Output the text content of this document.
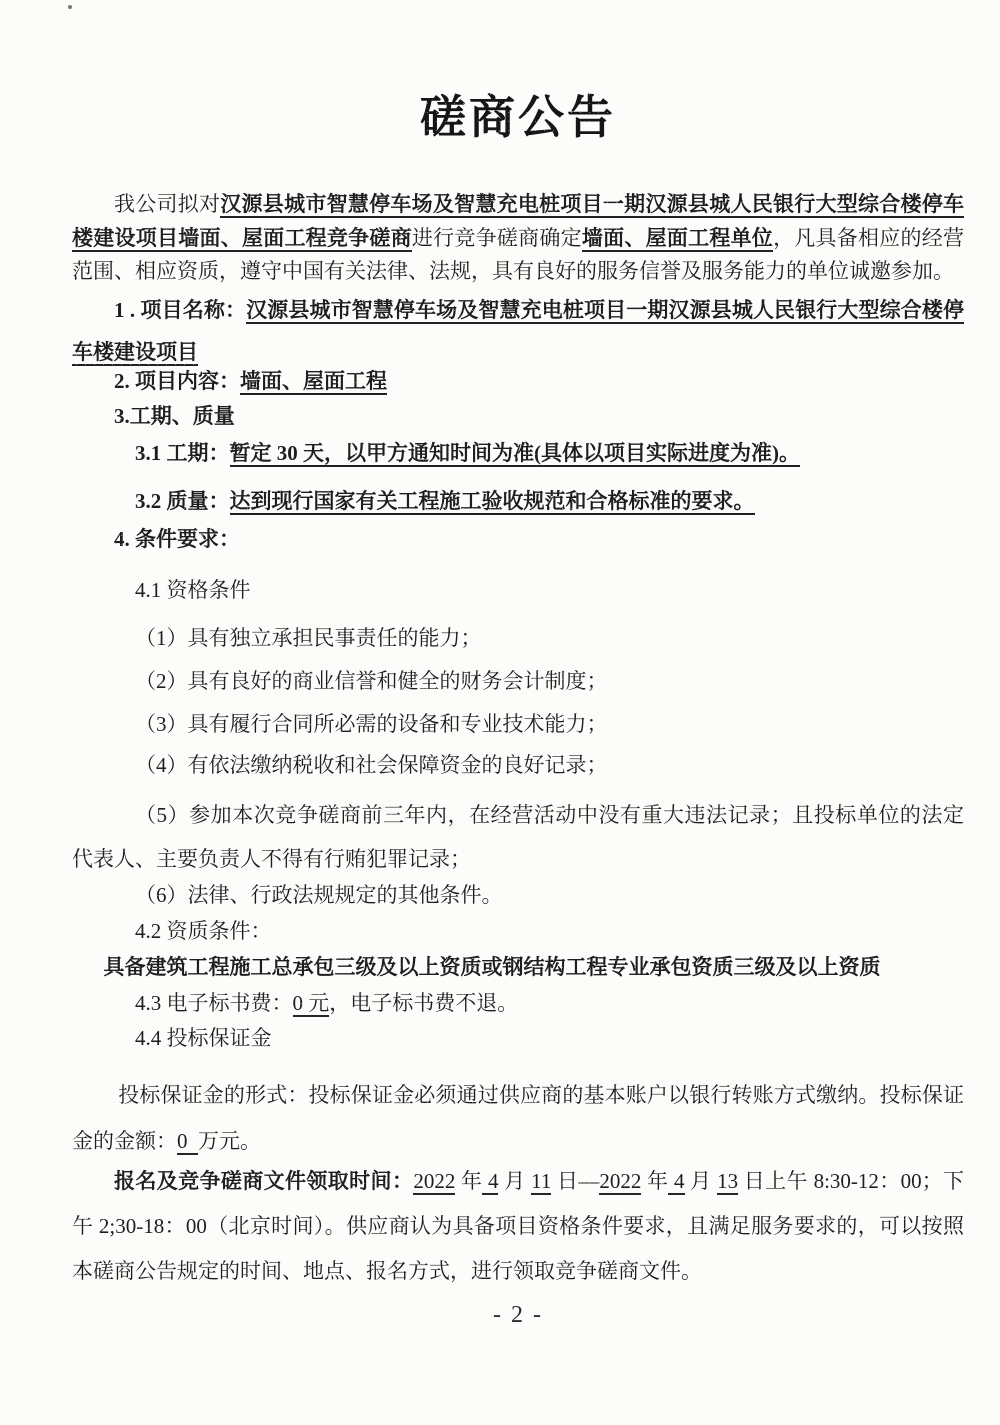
磋商公告

我公司拟对汉源县城市智慧停车场及智慧充电桩项目一期汉源县城人民银行大型综合楼停车楼建设项目墙面、屋面工程竞争磋商进行竞争磋商确定墙面、屋面工程单位，凡具备相应的经营范围、相应资质，遵守中国有关法律、法规，具有良好的服务信誉及服务能力的单位诚邀参加。

1 . 项目名称：汉源县城市智慧停车场及智慧充电桩项目一期汉源县城人民银行大型综合楼停车楼建设项目

2. 项目内容：墙面、屋面工程

3.工期、质量

3.1 工期：暂定 30 天，以甲方通知时间为准(具体以项目实际进度为准)。

3.2 质量：达到现行国家有关工程施工验收规范和合格标准的要求。

4. 条件要求：

4.1 资格条件

（1）具有独立承担民事责任的能力；

（2）具有良好的商业信誉和健全的财务会计制度；

（3）具有履行合同所必需的设备和专业技术能力；

（4）有依法缴纳税收和社会保障资金的良好记录；

（5）参加本次竞争磋商前三年内，在经营活动中没有重大违法记录；且投标单位的法定代表人、主要负责人不得有行贿犯罪记录；

（6）法律、行政法规规定的其他条件。

4.2 资质条件：

具备建筑工程施工总承包三级及以上资质或钢结构工程专业承包资质三级及以上资质

4.3 电子标书费：0 元，电子标书费不退。

4.4 投标保证金

投标保证金的形式：投标保证金必须通过供应商的基本账户以银行转账方式缴纳。投标保证金的金额：0 万元。

报名及竞争磋商文件领取时间：2022 年 4 月 11 日—2022 年 4 月 13 日上午 8:30-12：00；下午 2;30-18：00（北京时间）。供应商认为具备项目资格条件要求，且满足服务要求的，可以按照本磋商公告规定的时间、地点、报名方式，进行领取竞争磋商文件。

- 2 -
